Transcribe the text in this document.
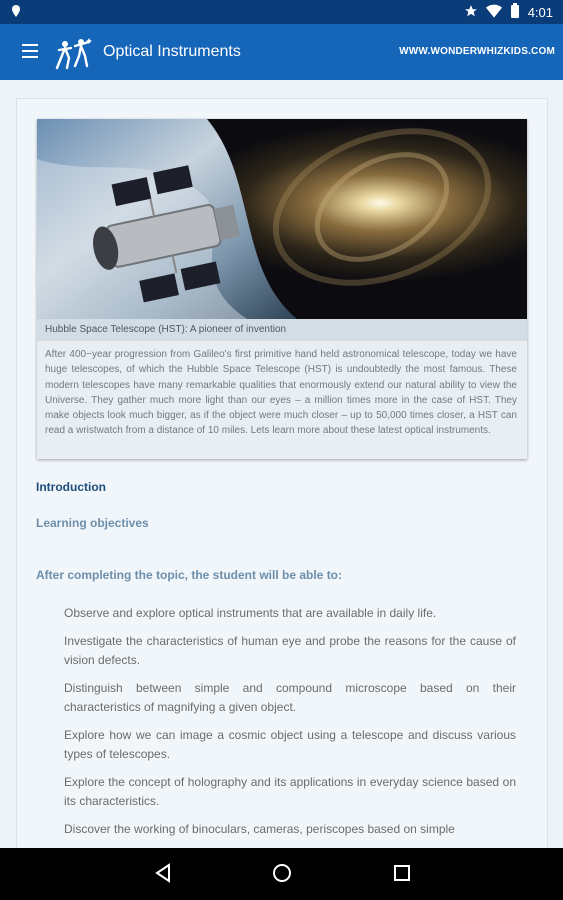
4:01
Optical Instruments	WWW.WONDERWHIZKIDS.COM
Hubble Space Telescope (HST): A pioneer of invention
After 400−year progression from Galileo's first primitive hand held astronomical telescope, today we have huge telescopes, of which the Hubble Space Telescope (HST) is undoubtedly the most famous. These modern telescopes have many remarkable qualities that enormously extend our natural ability to view the Universe. They gather much more light than our eyes – a million times more in the case of HST. They make objects look much bigger, as if the object were much closer – up to 50,000 times closer, a HST can read a wristwatch from a distance of 10 miles. Lets learn more about these latest optical instruments.
Introduction
Learning objectives
After completing the topic, the student will be able to:
Observe and explore optical instruments that are available in daily life.
Investigate the characteristics of human eye and probe the reasons for the cause of vision defects.
Distinguish between simple and compound microscope based on their characteristics of magnifying a given object.
Explore how we can image a cosmic object using a telescope and discuss various types of telescopes.
Explore the concept of holography and its applications in everyday science based on its characteristics.
Discover the working of binoculars, cameras, periscopes based on simple
